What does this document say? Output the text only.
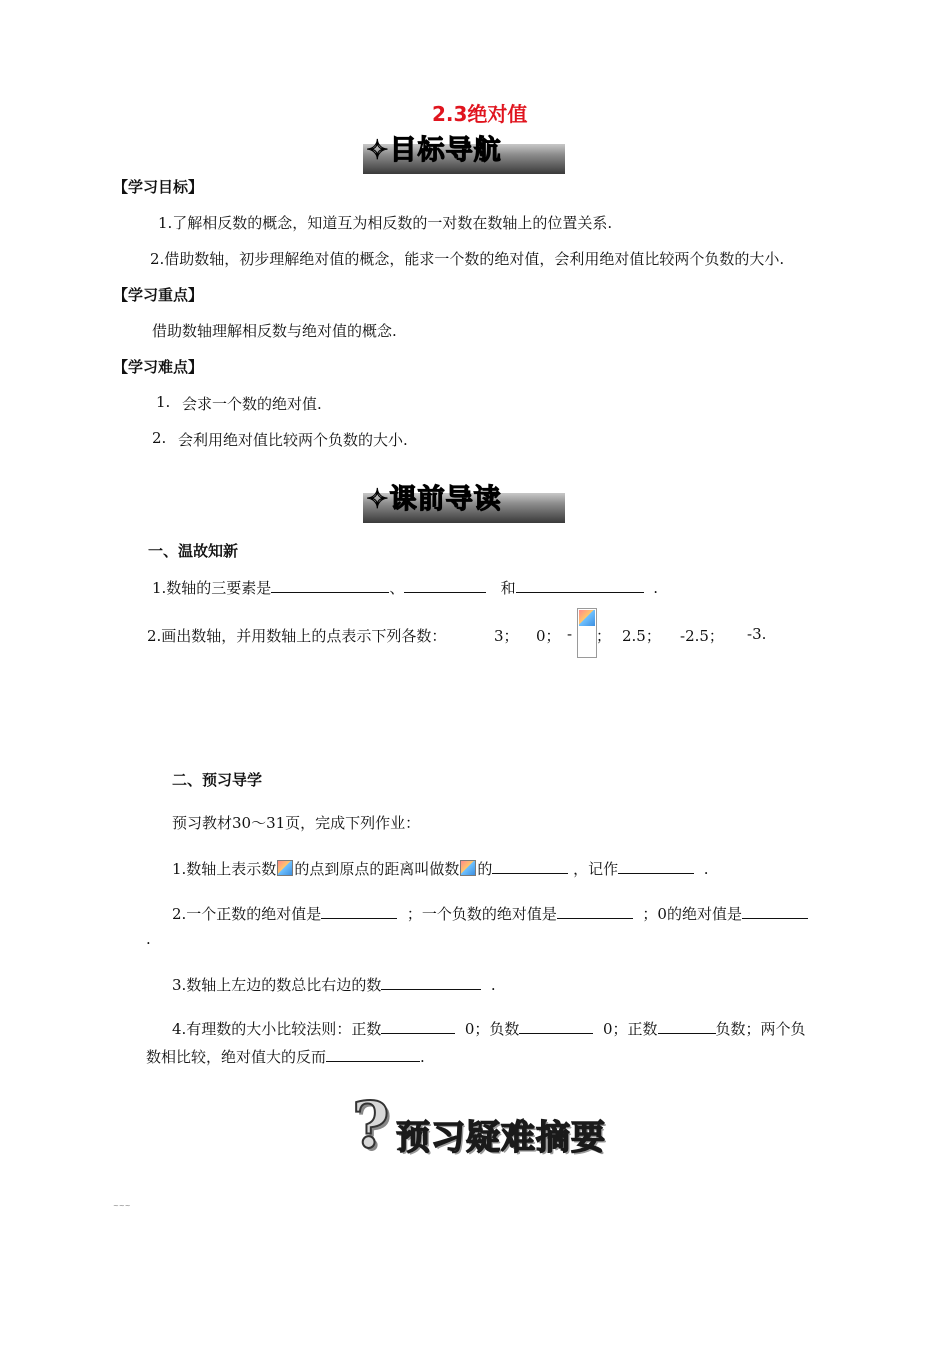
2.3绝对值
✧目标导航
【学习目标】
1.了解相反数的概念，知道互为相反数的一对数在数轴上的位置关系.
2.借助数轴，初步理解绝对值的概念，能求一个数的绝对值，会利用绝对值比较两个负数的大小.
【学习重点】
借助数轴理解相反数与绝对值的概念.
【学习难点】
1. 会求一个数的绝对值.
2. 会利用绝对值比较两个负数的大小.
✧课前导读
一、温故知新
1.数轴的三要素是	、	和	.
2.画出数轴，并用数轴上的点表示下列各数：	3； 0； - ； 2.5； -2.5； -3.
二、预习导学
预习教材30～31页，完成下列作业：
1.数轴上表示数 的点到原点的距离叫做数 的	，记作	.
2.一个正数的绝对值是	；一个负数的绝对值是	；0的绝对值是
.
3.数轴上左边的数总比右边的数	.
4.有理数的大小比较法则：正数	0；负数	0；正数	负数；两个负
数相比较，绝对值大的反而	.
? 预习疑难摘要
~~~
